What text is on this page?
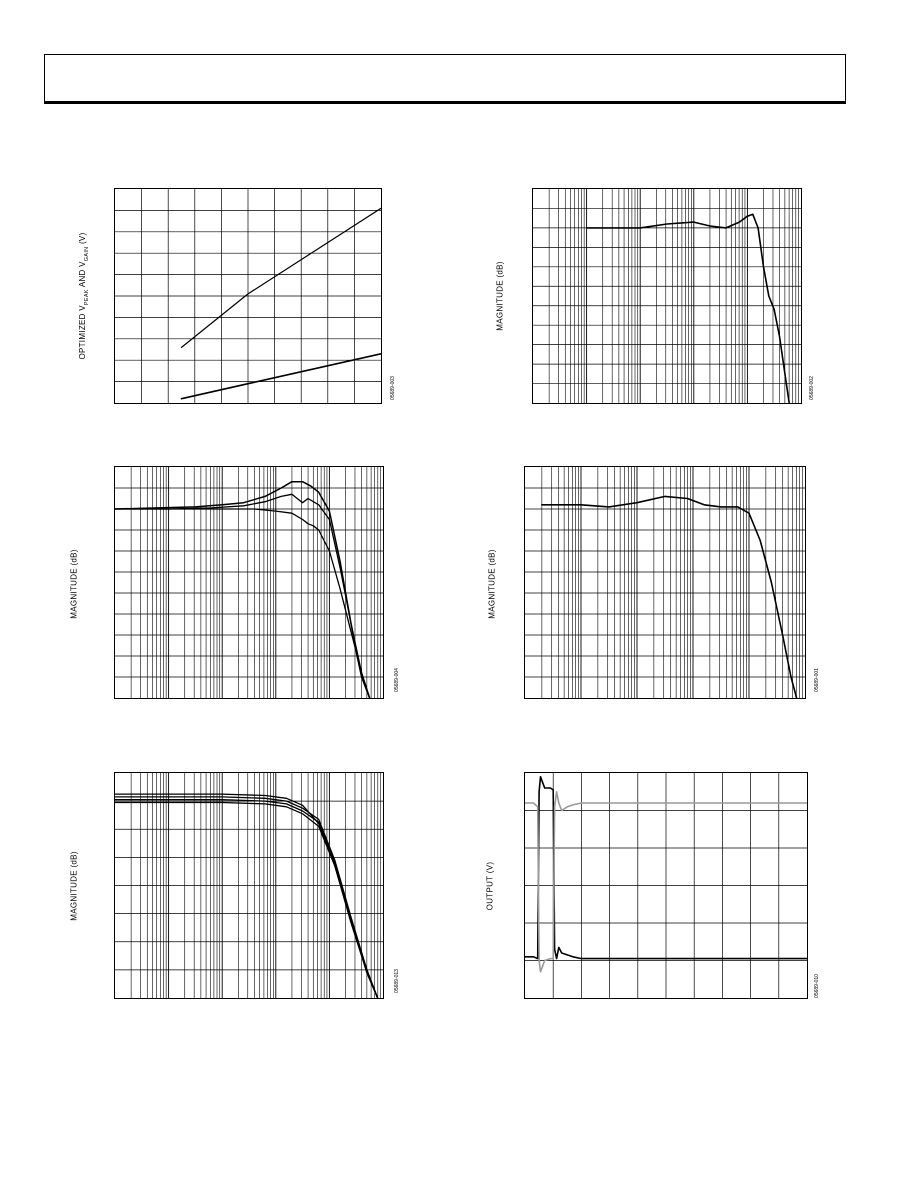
OPTIMIZED $V_{PEAK}$ AND $V_{GAIN}$ (V)
05689-003
MAGNITUDE (dB)
05689-002
MAGNITUDE (dB)
05689-004
MAGNITUDE (dB)
05689-001
MAGNITUDE (dB)
05689-013
OUTPUT (V)
05689-010
